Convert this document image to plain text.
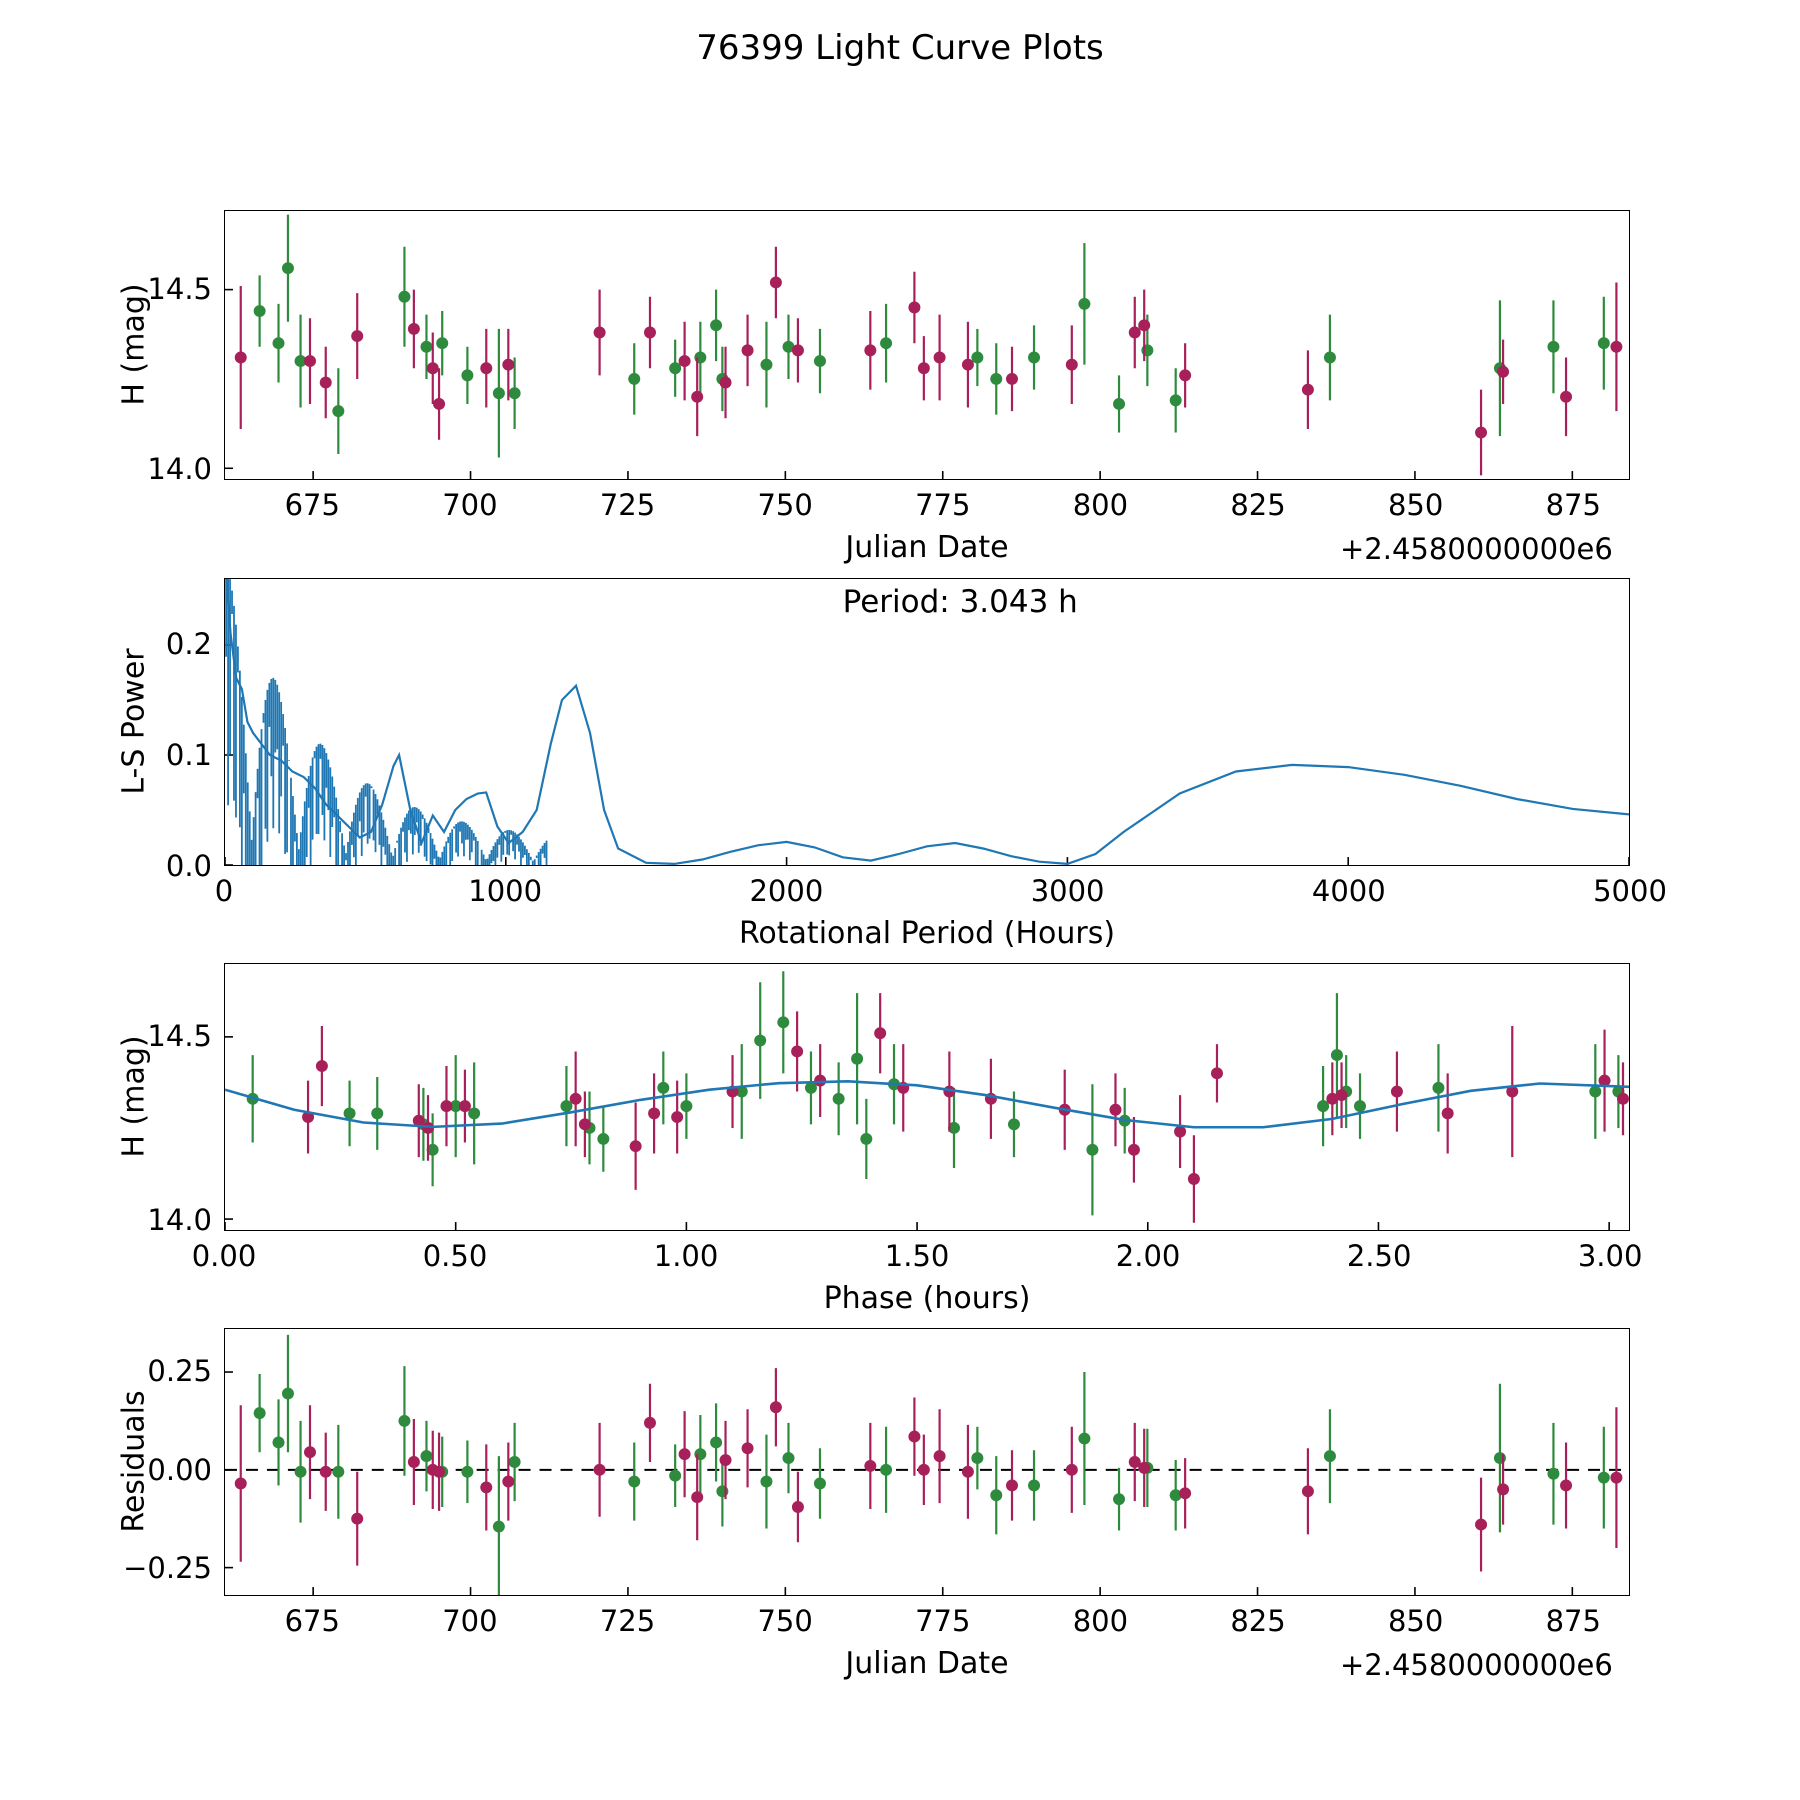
76399 Light Curve Plots
675	700	725	750	775	800	825	850	875
14.0
14.5
Julian Date
H (mag)
+2.4580000000e6
0	1000	2000	3000	4000	5000
0.0
0.1
0.2
Rotational Period (Hours)
L-S Power
Period: 3.043 h
0.00	0.50	1.00	1.50	2.00	2.50	3.00
14.0
14.5
Phase (hours)
H (mag)
675	700	725	750	775	800	825	850	875
−0.25
0.00
0.25
Julian Date
Residuals
+2.4580000000e6
